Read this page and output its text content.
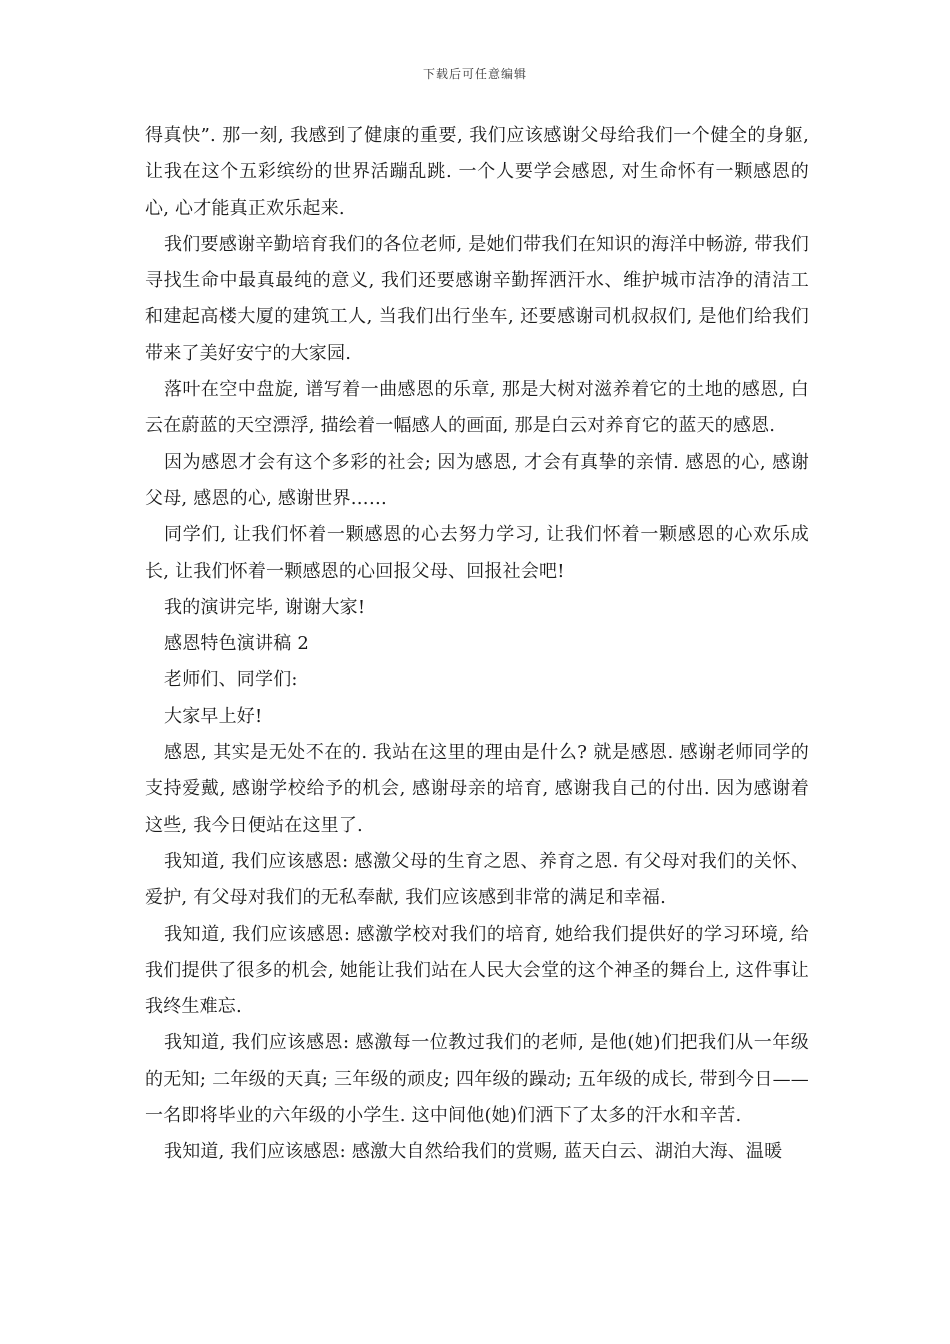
下载后可任意编辑

得真快”. 那一刻, 我感到了健康的重要, 我们应该感谢父母给我们一个健全的身躯, 让我在这个五彩缤纷的世界活蹦乱跳. 一个人要学会感恩, 对生命怀有一颗感恩的心, 心才能真正欢乐起来.

我们要感谢辛勤培育我们的各位老师, 是她们带我们在知识的海洋中畅游, 带我们寻找生命中最真最纯的意义, 我们还要感谢辛勤挥洒汗水、维护城市洁净的清洁工和建起高楼大厦的建筑工人, 当我们出行坐车, 还要感谢司机叔叔们, 是他们给我们带来了美好安宁的大家园.

落叶在空中盘旋, 谱写着一曲感恩的乐章, 那是大树对滋养着它的土地的感恩, 白云在蔚蓝的天空漂浮, 描绘着一幅感人的画面, 那是白云对养育它的蓝天的感恩.

因为感恩才会有这个多彩的社会; 因为感恩, 才会有真挚的亲情. 感恩的心, 感谢父母, 感恩的心, 感谢世界……

同学们, 让我们怀着一颗感恩的心去努力学习, 让我们怀着一颗感恩的心欢乐成长, 让我们怀着一颗感恩的心回报父母、回报社会吧!

我的演讲完毕, 谢谢大家!

感恩特色演讲稿 2

老师们、同学们:

大家早上好!

感恩, 其实是无处不在的. 我站在这里的理由是什么? 就是感恩. 感谢老师同学的支持爱戴, 感谢学校给予的机会, 感谢母亲的培育, 感谢我自己的付出. 因为感谢着这些, 我今日便站在这里了.

我知道, 我们应该感恩: 感激父母的生育之恩、养育之恩. 有父母对我们的关怀、爱护, 有父母对我们的无私奉献, 我们应该感到非常的满足和幸福.

我知道, 我们应该感恩: 感激学校对我们的培育, 她给我们提供好的学习环境, 给我们提供了很多的机会, 她能让我们站在人民大会堂的这个神圣的舞台上, 这件事让我终生难忘.

我知道, 我们应该感恩: 感激每一位教过我们的老师, 是他(她)们把我们从一年级的无知; 二年级的天真; 三年级的顽皮; 四年级的躁动; 五年级的成长, 带到今日——一名即将毕业的六年级的小学生. 这中间他(她)们洒下了太多的汗水和辛苦.

我知道, 我们应该感恩: 感激大自然给我们的赏赐, 蓝天白云、湖泊大海、温暖
